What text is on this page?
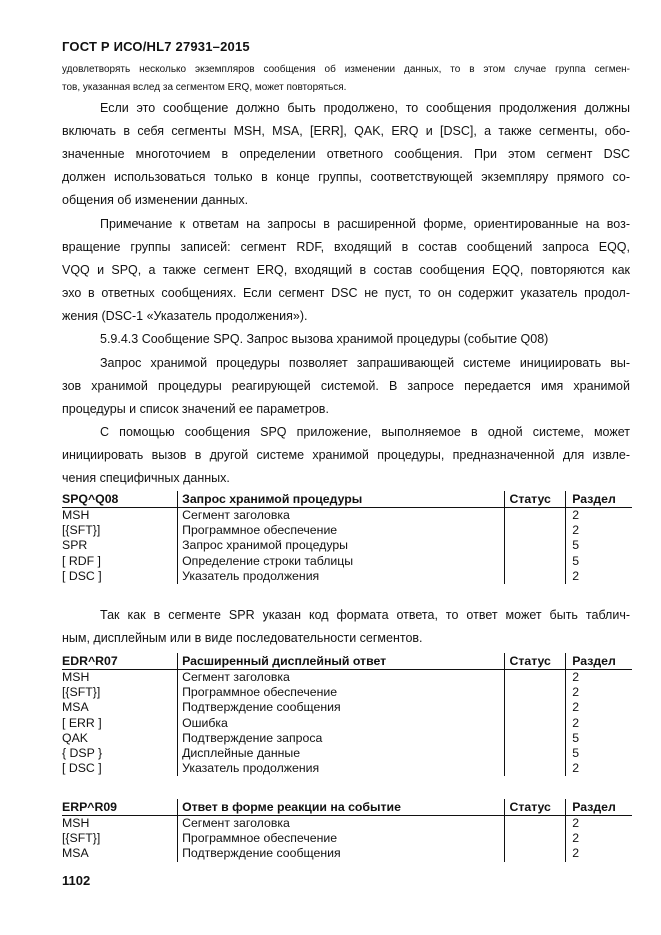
ГОСТ Р ИСО/HL7 27931–2015
удовлетворять несколько экземпляров сообщения об изменении данных, то в этом случае группа сегмен-
тов, указанная вслед за сегментом ERQ, может повторяться.
Если это сообщение должно быть продолжено, то сообщения продолжения должны
включать в себя сегменты MSH, MSA, [ERR], QAK, ERQ и [DSC], а также сегменты, обо-
значенные многоточием в определении ответного сообщения. При этом сегмент DSC
должен использоваться только в конце группы, соответствующей экземпляру прямого со-
общения об изменении данных.
Примечание к ответам на запросы в расширенной форме, ориентированные на воз-
вращение группы записей: сегмент RDF, входящий в состав сообщений запроса EQQ,
VQQ и SPQ, а также сегмент ERQ, входящий в состав сообщения EQQ, повторяются как
эхо в ответных сообщениях. Если сегмент DSC не пуст, то он содержит указатель продол-
жения (DSC-1 «Указатель продолжения»).
5.9.4.3 Сообщение SPQ. Запрос вызова хранимой процедуры (событие Q08)
Запрос хранимой процедуры позволяет запрашивающей системе инициировать вы-
зов хранимой процедуры реагирующей системой. В запросе передается имя хранимой
процедуры и список значений ее параметров.
С помощью сообщения SPQ приложение, выполняемое в одной системе, может
инициировать вызов в другой системе хранимой процедуры, предназначенной для извле-
чения специфичных данных.
SPQ^Q08	Запрос хранимой процедуры	Статус	Раздел
MSH	Сегмент заголовка		2
[{SFT}]	Программное обеспечение		2
SPR	Запрос хранимой процедуры		5
[ RDF ]	Определение строки таблицы		5
[ DSC ]	Указатель продолжения		2
Так как в сегменте SPR указан код формата ответа, то ответ может быть таблич-
ным, дисплейным или в виде последовательности сегментов.
EDR^R07	Расширенный дисплейный ответ	Статус	Раздел
MSH	Сегмент заголовка		2
[{SFT}]	Программное обеспечение		2
MSA	Подтверждение сообщения		2
[ ERR ]	Ошибка		2
QAK	Подтверждение запроса		5
{ DSP }	Дисплейные данные		5
[ DSC ]	Указатель продолжения		2
ERP^R09	Ответ в форме реакции на событие	Статус	Раздел
MSH	Сегмент заголовка		2
[{SFT}]	Программное обеспечение		2
MSA	Подтверждение сообщения		2
1102
